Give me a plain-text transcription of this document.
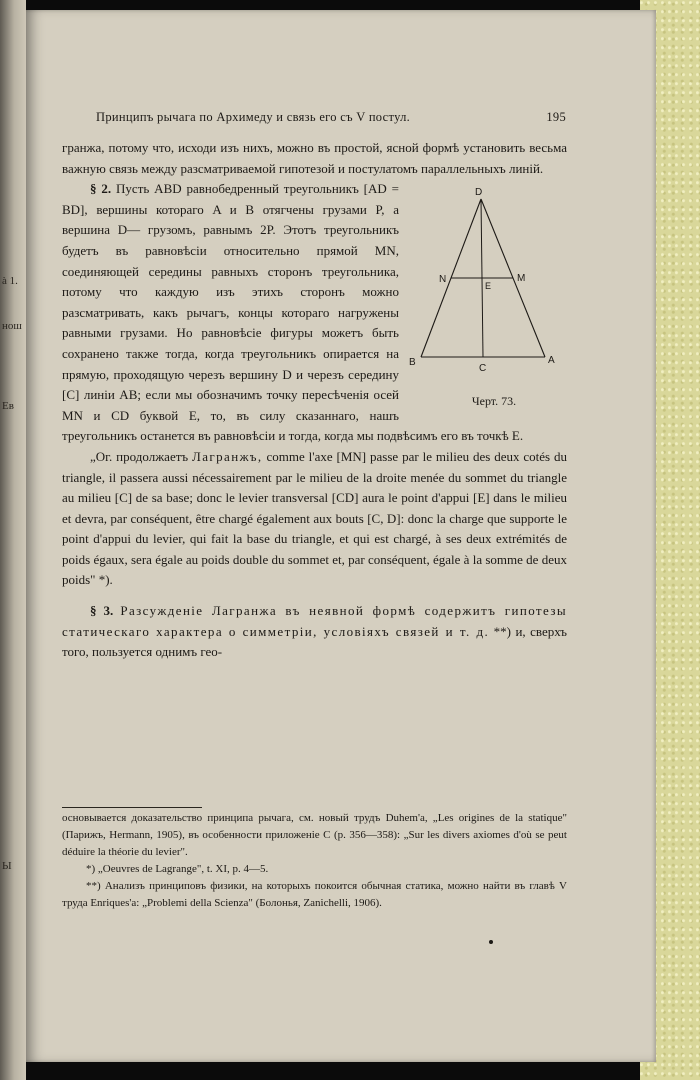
à 1.
нош
Ев
Ы
Принципъ рычага по Архимеду и связь его съ V постул.	195

гранжа, потому что, исходи изъ нихъ, можно въ простой, ясной формѣ установить весьма важную связь между разсматриваемой гипотезой и постулатомъ параллельныхъ линій.

D
N
E
M
B
C
A
Черт. 73.

§ 2. Пусть ABD равнобедренный треугольникъ [AD = BD], вершины котораго A и B отягчены грузами P, а вершина D— грузомъ, равнымъ 2P. Этотъ треугольникъ будетъ въ равновѣсіи относительно прямой MN, соединяющей середины равныхъ сторонъ треугольника, потому что каждую изъ этихъ сторонъ можно разсматривать, какъ рычагъ, концы котораго нагружены равными грузами. Но равновѣсіе фигуры можетъ быть сохранено также тогда, когда треугольникъ опирается на прямую, проходящую черезъ вершину D и черезъ середину [C] линіи AB; если мы обозначимъ точку пересѣченія осей MN и CD буквой E, то, въ силу сказаннаго, нашъ треугольникъ останется въ равновѣсіи и тогда, когда мы подвѣсимъ его въ точкѣ E.

„Ог. продолжаетъ Лагранжъ, comme l'axe [MN] passe par le milieu des deux cotés du triangle, il passera aussi nécessairement par le milieu de la droite menée du sommet du triangle au milieu [C] de sa base; donc le levier transversal [CD] aura le point d'appui [E] dans le milieu et devra, par conséquent, être chargé également aux bouts [C, D]: donc la charge que supporte le point d'appui du levier, qui fait la base du triangle, et qui est chargé, à ses deux extrémités de poids égaux, sera égale au poids double du sommet et, par conséquent, égale à la somme de deux poids" *).

§ 3. Разсужденіе Лагранжа въ неявной формѣ содержитъ гипотезы статическаго характера о симметріи, условіяхъ связей и т. д. **) и, сверхъ того, пользуется однимъ гео-

основывается доказательство принципа рычага, см. новый трудъ Duhem'a, „Les origines de la statique" (Парижъ, Hermann, 1905), въ особенности приложеніе C (p. 356—358): „Sur les divers axiomes d'où se peut déduire la théorie du levier".

*) „Oeuvres de Lagrange", t. XI, p. 4—5.

**) Анализъ принциповъ физики, на которыхъ покоится обычная статика, можно найти въ главѣ V труда Enriques'a: „Problemi della Scienza" (Болонья, Zanichelli, 1906).
